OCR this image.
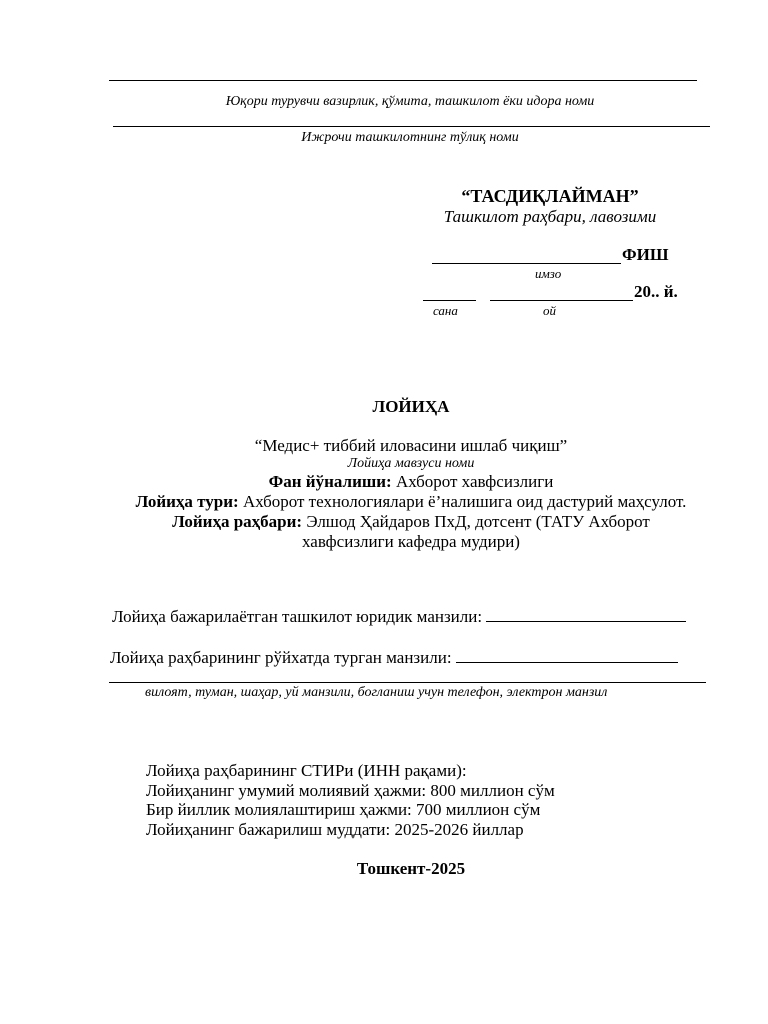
Юқори турувчи вазирлик, қўмита, ташкилот ёки идора номи
Ижрочи ташкилотнинг тўлиқ номи
“ТАСДИҚЛАЙМАН”
Ташкилот раҳбари, лавозими
ФИШ
имзо
20.. й.
сана	ой
ЛОЙИҲА
“Медис+ тиббий иловасини ишлаб чиқиш”
Лойиҳа мавзуси номи
Фан йўналиши: Ахборот хавфсизлиги
Лойиҳа тури: Ахборот технологиялари ё’налишига оид дастурий маҳсулот.
Лойиҳа раҳбари: Элшод Ҳайдаров ПхД, дотсент (ТАТУ Ахборот
хавфсизлиги кафедра мудири)
Лойиҳа бажарилаётган ташкилот юридик манзили:
Лойиҳа раҳбарининг рўйхатда турган манзили:
вилоят, туман, шаҳар, уй манзили, богланиш учун телефон, электрон манзил
Лойиҳа раҳбарининг СТИРи (ИНН рақами):
Лойиҳанинг умумий молиявий ҳажми: 800 миллион сўм
Бир йиллик молиялаштириш ҳажми: 700 миллион сўм
Лойиҳанинг бажарилиш муддати: 2025-2026 йиллар
Тошкент-2025
